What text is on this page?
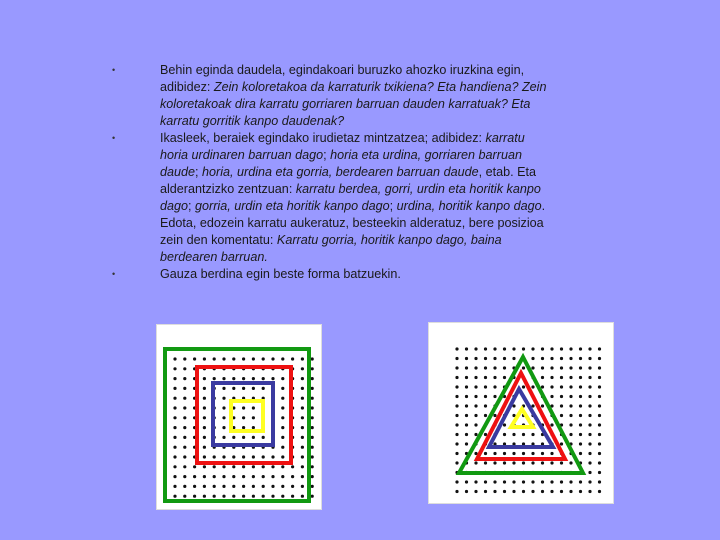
•	Behin eginda daudela, egindakoari buruzko ahozko iruzkina egin, adibidez: Zein koloretakoa da karraturik txikiena? Eta handiena? Zein koloretakoak dira karratu gorriaren barruan dauden karratuak? Eta karratu gorritik kanpo daudenak?
•	Ikasleek, beraiek egindako irudietaz mintzatzea; adibidez: karratu horia urdinaren barruan dago; horia eta urdina, gorriaren barruan daude; horia, urdina eta gorria, berdearen barruan daude, etab. Eta alderantzizko zentzuan: karratu berdea, gorri, urdin eta horitik kanpo dago; gorria, urdin eta horitik kanpo dago; urdina, horitik kanpo dago. Edota, edozein karratu aukeratuz, besteekin alderatuz, bere posizioa zein den komentatu: Karratu gorria, horitik kanpo dago, baina berdearen barruan.
•	Gauza berdina egin beste forma batzuekin.
